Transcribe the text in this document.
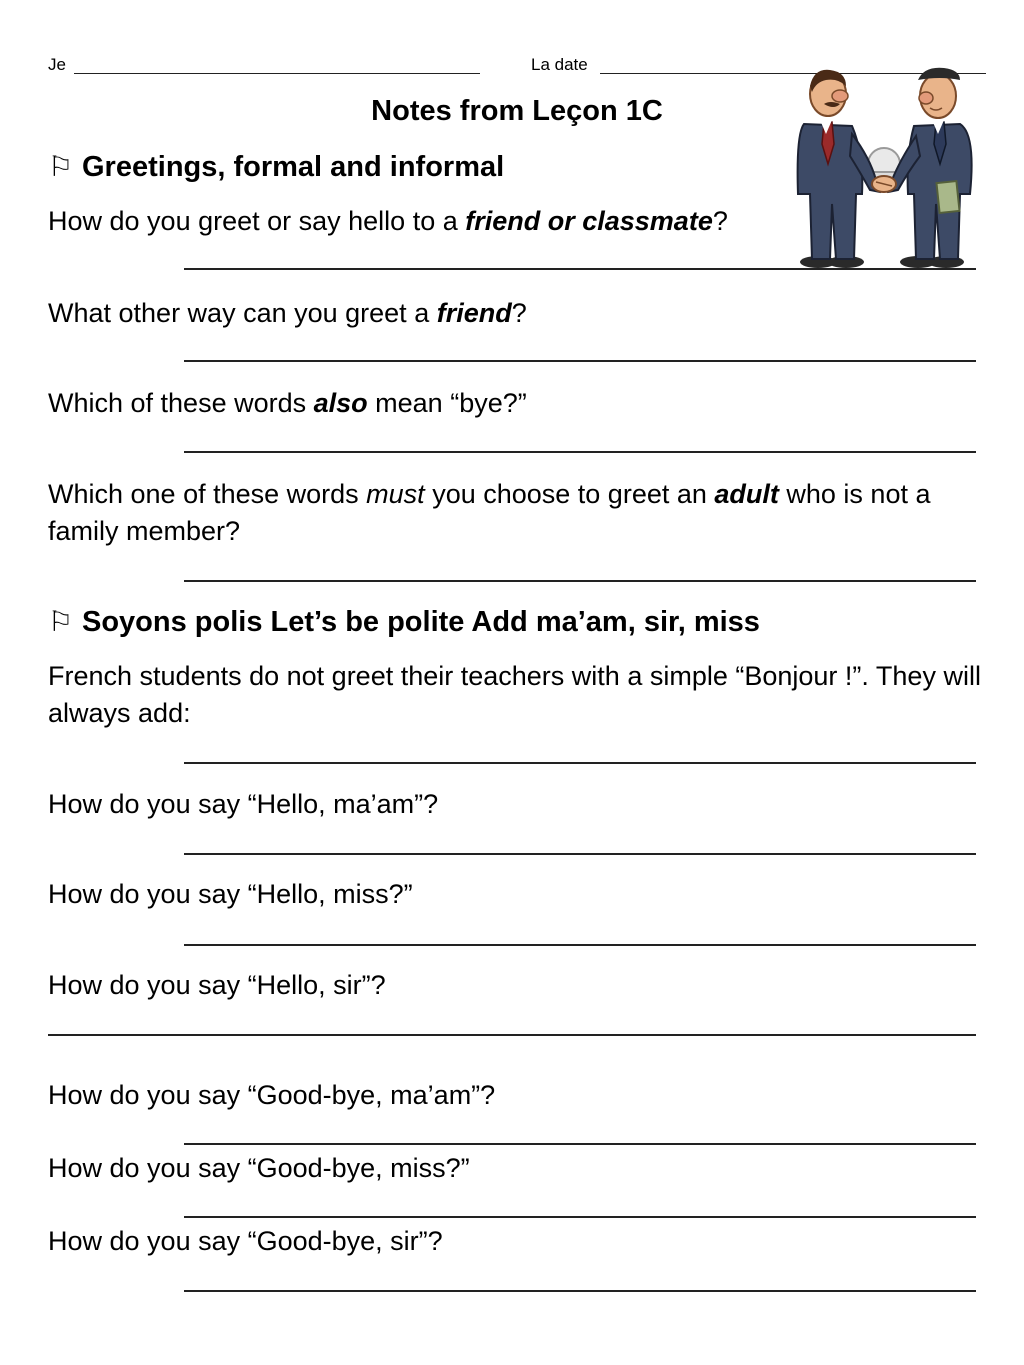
Je	La date
Notes from Leçon 1C
⚐ Greetings, formal and informal
How do you greet or say hello to a friend or classmate?
What other way can you greet a friend?
Which of these words also mean “bye?”
Which one of these words must you choose to greet an adult who is not a family member?
⚐ Soyons polis Let’s be polite Add ma’am, sir, miss
French students do not greet their teachers with a simple “Bonjour !”. They will always add:
How do you say “Hello, ma’am”?
How do you say “Hello, miss?”
How do you say “Hello, sir”?
How do you say “Good-bye, ma’am”?
How do you say “Good-bye, miss?”
How do you say “Good-bye, sir”?
